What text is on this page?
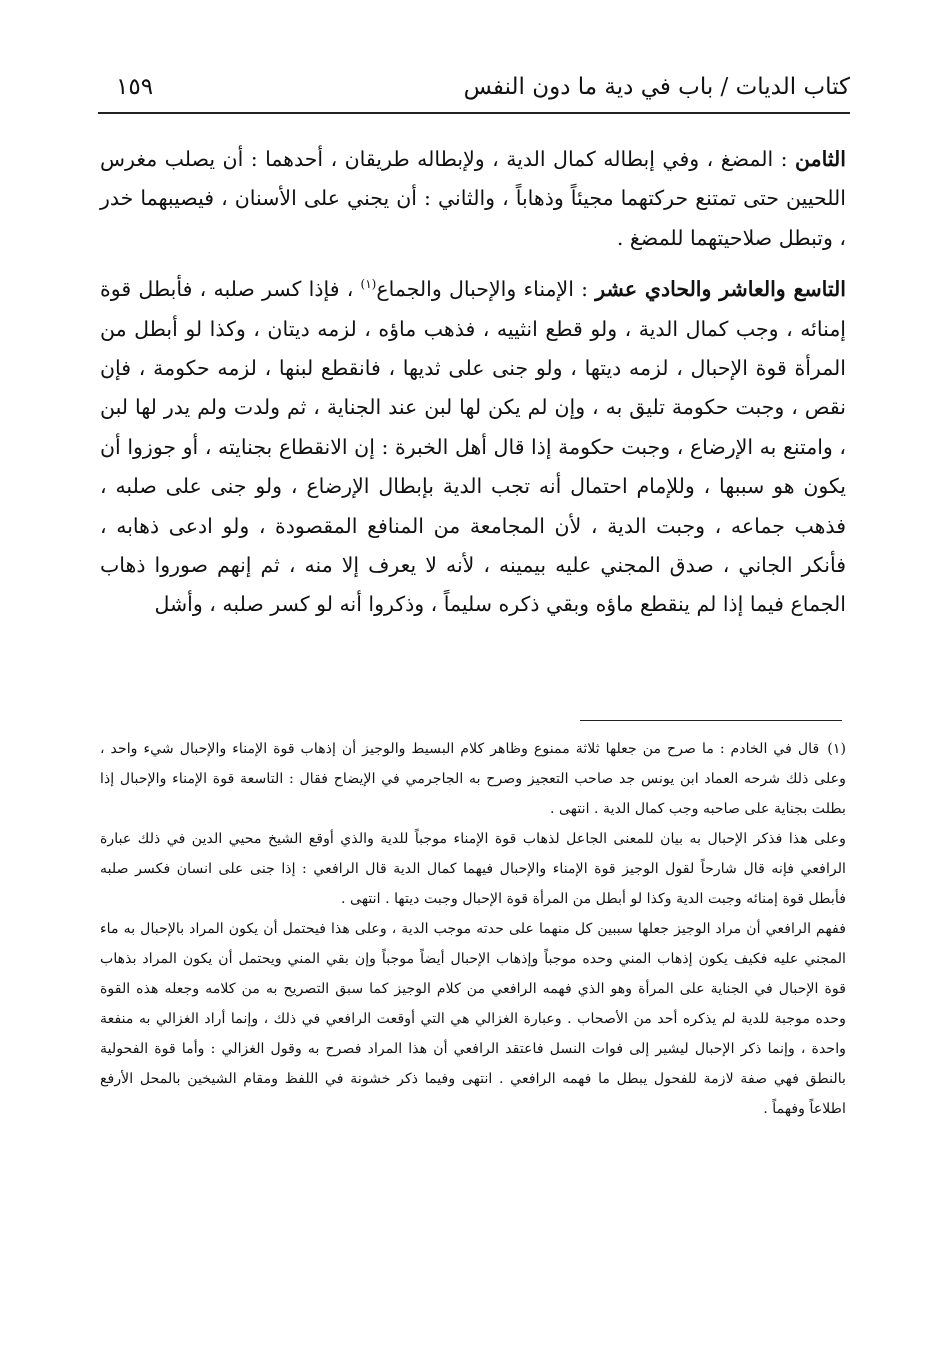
كتاب الديات / باب في دية ما دون النفس
١٥٩

الثامن : المضغ ، وفي إبطاله كمال الدية ، ولإبطاله طريقان ، أحدهما : أن يصلب مغرس اللحيين حتى تمتنع حركتهما مجيئاً وذهاباً ، والثاني : أن يجني على الأسنان ، فيصيبهما خدر ، وتبطل صلاحيتهما للمضغ .

التاسع والعاشر والحادي عشر : الإمناء والإحبال والجماع$^{(١)}$ ، فإذا كسر صلبه ، فأبطل قوة إمنائه ، وجب كمال الدية ، ولو قطع انثييه ، فذهب ماؤه ، لزمه ديتان ، وكذا لو أبطل من المرأة قوة الإحبال ، لزمه ديتها ، ولو جنى على ثديها ، فانقطع لبنها ، لزمه حكومة ، فإن نقص ، وجبت حكومة تليق به ، وإن لم يكن لها لبن عند الجناية ، ثم ولدت ولم يدر لها لبن ، وامتنع به الإرضاع ، وجبت حكومة إذا قال أهل الخبرة : إن الانقطاع بجنايته ، أو جوزوا أن يكون هو سببها ، وللإمام احتمال أنه تجب الدية بإبطال الإرضاع ، ولو جنى على صلبه ، فذهب جماعه ، وجبت الدية ، لأن المجامعة من المنافع المقصودة ، ولو ادعى ذهابه ، فأنكر الجاني ، صدق المجني عليه بيمينه ، لأنه لا يعرف إلا منه ، ثم إنهم صوروا ذهاب الجماع فيما إذا لم ينقطع ماؤه وبقي ذكره سليماً ، وذكروا أنه لو كسر صلبه ، وأشل

(١)قال في الخادم : ما صرح من جعلها ثلاثة ممنوع وظاهر كلام البسيط والوجيز أن إذهاب قوة الإمناء والإحبال شيء واحد ، وعلى ذلك شرحه العماد ابن يونس جد صاحب التعجيز وصرح به الجاجرمي في الإيضاح فقال : التاسعة قوة الإمناء والإحبال إذا بطلت بجناية على صاحبه وجب كمال الدية . انتهى .

وعلى هذا فذكر الإحبال به بيان للمعنى الجاعل لذهاب قوة الإمناء موجباً للدية والذي أوقع الشيخ محيي الدين في ذلك عبارة الرافعي فإنه قال شارحاً لقول الوجيز قوة الإمناء والإحبال فيهما كمال الدية قال الرافعي : إذا جنى على انسان فكسر صلبه فأبطل قوة إمنائه وجبت الدية وكذا لو أبطل من المرأة قوة الإحبال وجبت ديتها . انتهى .

ففهم الرافعي أن مراد الوجيز جعلها سببين كل منهما على حدته موجب الدية ، وعلى هذا فيحتمل أن يكون المراد بالإحبال به ماء المجني عليه فكيف يكون إذهاب المني وحده موجباً وإذهاب الإحبال أيضاً موجباً وإن بقي المني ويحتمل أن يكون المراد بذهاب قوة الإحبال في الجناية على المرأة وهو الذي فهمه الرافعي من كلام الوجيز كما سبق التصريح به من كلامه وجعله هذه القوة وحده موجبة للدية لم يذكره أحد من الأصحاب . وعبارة الغزالي هي التي أوقعت الرافعي في ذلك ، وإنما أراد الغزالي به منفعة واحدة ، وإنما ذكر الإحبال ليشير إلى فوات النسل فاعتقد الرافعي أن هذا المراد فصرح به وقول الغزالي : وأما قوة الفحولية بالنطق فهي صفة لازمة للفحول يبطل ما فهمه الرافعي . انتهى وفيما ذكر خشونة في اللفظ ومقام الشيخين بالمحل الأرفع اطلاعاً وفهماً .
